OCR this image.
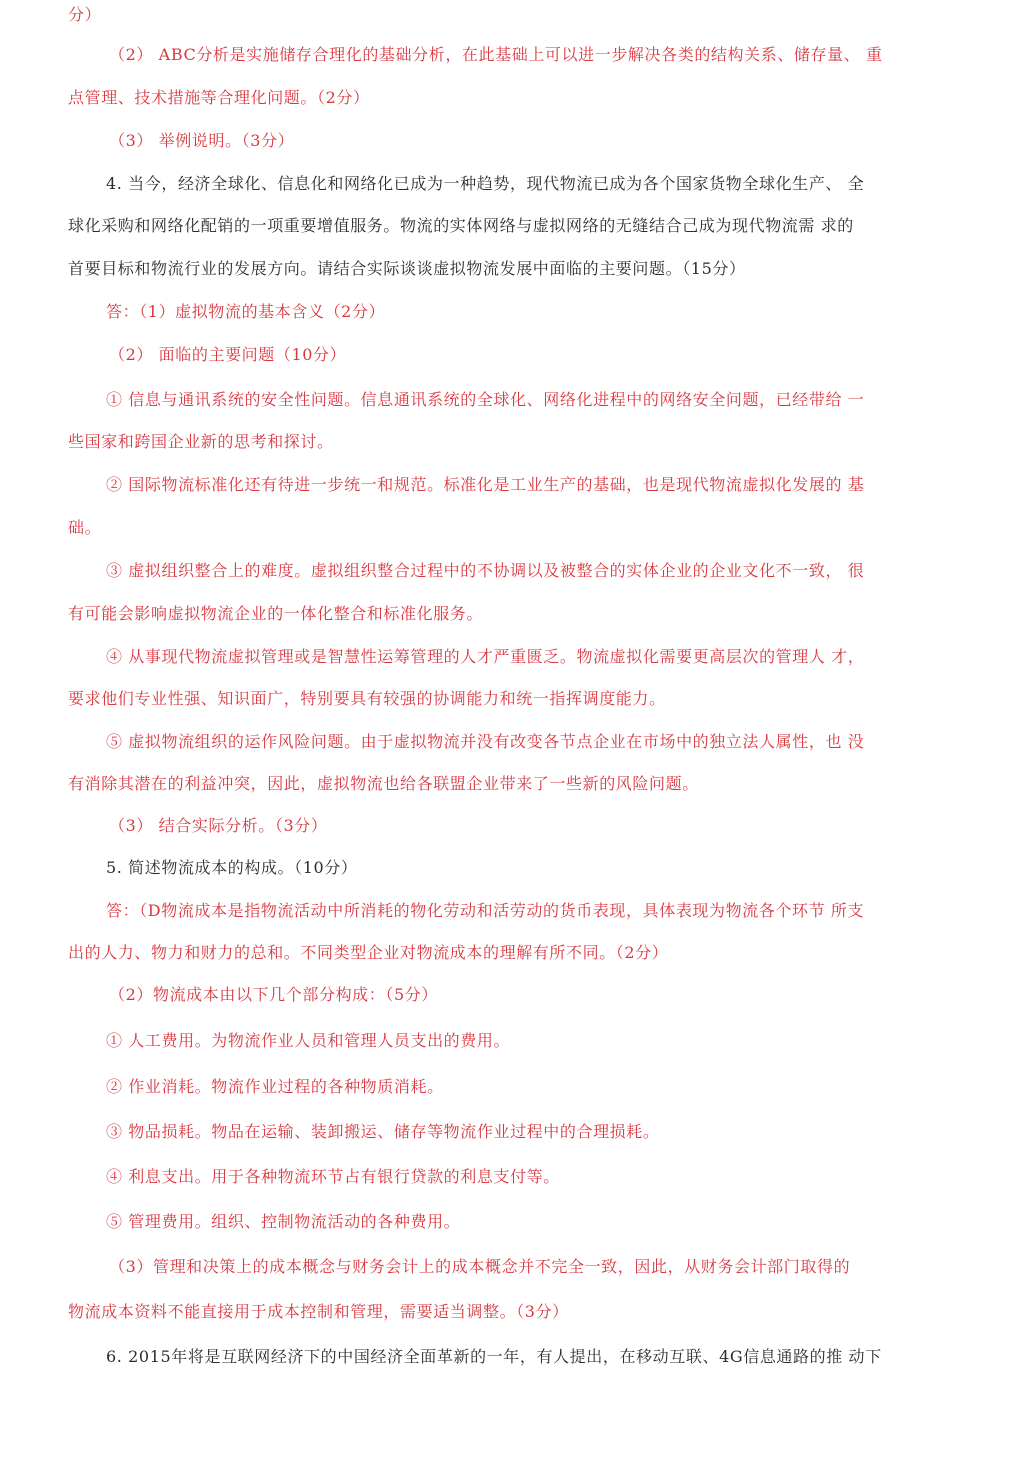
分）

（2） ABC分析是实施储存合理化的基础分析，在此基础上可以进一步解决各类的结构关系、储存量、 重

点管理、技术措施等合理化问题。（2分）

（3） 举例说明。（3分）

4. 当今，经济全球化、信息化和网络化已成为一种趋势，现代物流已成为各个国家货物全球化生产、 全

球化采购和网络化配销的一项重要增值服务。物流的实体网络与虚拟网络的无缝结合己成为现代物流需 求的

首要目标和物流行业的发展方向。请结合实际谈谈虚拟物流发展中面临的主要问题。（15分）

答：（1）虚拟物流的基本含义（2分）

（2） 面临的主要问题（10分）

① 信息与通讯系统的安全性问题。信息通讯系统的全球化、网络化进程中的网络安全问题，已经带给 一

些国家和跨国企业新的思考和探讨。

② 国际物流标准化还有待进一步统一和规范。标准化是工业生产的基础，也是现代物流虚拟化发展的 基

础。

③ 虚拟组织整合上的难度。虚拟组织整合过程中的不协调以及被整合的实体企业的企业文化不一致， 很

有可能会影响虚拟物流企业的一体化整合和标准化服务。

④ 从事现代物流虚拟管理或是智慧性运筹管理的人才严重匮乏。物流虚拟化需要更高层次的管理人 才，

要求他们专业性强、知识面广，特别要具有较强的协调能力和统一指挥调度能力。

⑤ 虚拟物流组织的运作风险问题。由于虚拟物流并没有改变各节点企业在市场中的独立法人属性，也 没

有消除其潜在的利益冲突，因此，虚拟物流也给各联盟企业带来了一些新的风险问题。

（3） 结合实际分析。（3分）

5. 简述物流成本的构成。（10分）

答：（D物流成本是指物流活动中所消耗的物化劳动和活劳动的货币表现，具体表现为物流各个环节 所支

出的人力、物力和财力的总和。不同类型企业对物流成本的理解有所不同。（2分）

（2）物流成本由以下几个部分构成：（5分）

① 人工费用。为物流作业人员和管理人员支出的费用。

② 作业消耗。物流作业过程的各种物质消耗。

③ 物品损耗。物品在运输、装卸搬运、储存等物流作业过程中的合理损耗。

④ 利息支出。用于各种物流环节占有银行贷款的利息支付等。

⑤ 管理费用。组织、控制物流活动的各种费用。

（3）管理和决策上的成本概念与财务会计上的成本概念并不完全一致，因此，从财务会计部门取得的

物流成本资料不能直接用于成本控制和管理，需要适当调整。（3分）

6. 2015年将是互联网经济下的中国经济全面革新的一年，有人提出，在移动互联、4G信息通路的推 动下
